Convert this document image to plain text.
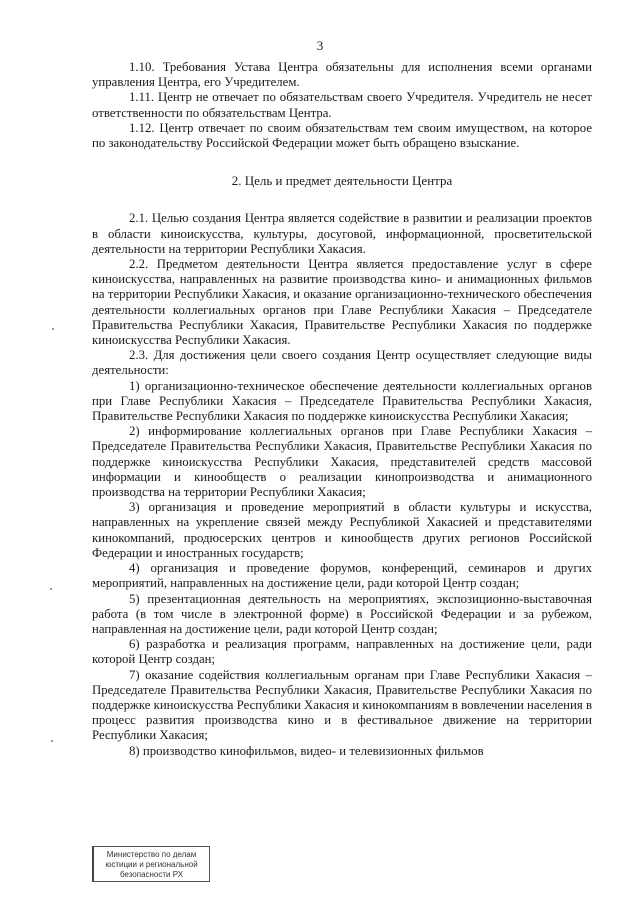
3

1.10. Требования Устава Центра обязательны для исполнения всеми органами управления Центра, его Учредителем.

1.11. Центр не отвечает по обязательствам своего Учредителя. Учредитель не несет ответственности по обязательствам Центра.

1.12. Центр отвечает по своим обязательствам тем своим имуществом, на которое по законодательству Российской Федерации может быть обращено взыскание.

2. Цель и предмет деятельности Центра

2.1. Целью создания Центра является содействие в развитии и реализации проектов в области киноискусства, культуры, досуговой, информационной, просветительской деятельности на территории Республики Хакасия.

2.2. Предметом деятельности Центра является предоставление услуг в сфере киноискусства, направленных на развитие производства кино- и анимационных фильмов на территории Республики Хакасия, и оказание организационно-технического обеспечения деятельности коллегиальных органов при Главе Республики Хакасия – Председателе Правительства Республики Хакасия, Правительстве Республики Хакасия по поддержке киноискусства Республики Хакасия.

2.3. Для достижения цели своего создания Центр осуществляет следующие виды деятельности:

1) организационно-техническое обеспечение деятельности коллегиальных органов при Главе Республики Хакасия – Председателе Правительства Республики Хакасия, Правительстве Республики Хакасия по поддержке киноискусства Республики Хакасия;

2) информирование коллегиальных органов при Главе Республики Хакасия – Председателе Правительства Республики Хакасия, Правительстве Республики Хакасия по поддержке киноискусства Республики Хакасия, представителей средств массовой информации и кинообществ о реализации кинопроизводства и анимационного производства на территории Республики Хакасия;

3) организация и проведение мероприятий в области культуры и искусства, направленных на укрепление связей между Республикой Хакасией и представителями кинокомпаний, продюсерских центров и кинообществ других регионов Российской Федерации и иностранных государств;

4) организация и проведение форумов, конференций, семинаров и других мероприятий, направленных на достижение цели, ради которой Центр создан;

5) презентационная деятельность на мероприятиях, экспозиционно-выставочная работа (в том числе в электронной форме) в Российской Федерации и за рубежом, направленная на достижение цели, ради которой Центр создан;

6) разработка и реализация программ, направленных на достижение цели, ради которой Центр создан;

7) оказание содействия коллегиальным органам при Главе Республики Хакасия – Председателе Правительства Республики Хакасия, Правительстве Республики Хакасия по поддержке киноискусства Республики Хакасия и кинокомпаниям в вовлечении населения в процесс развития производства кино и в фестивальное движение на территории Республики Хакасия;

8) производство кинофильмов, видео- и телевизионных фильмов

Министерство по делам
юстиции и региональной
безопасности РХ
